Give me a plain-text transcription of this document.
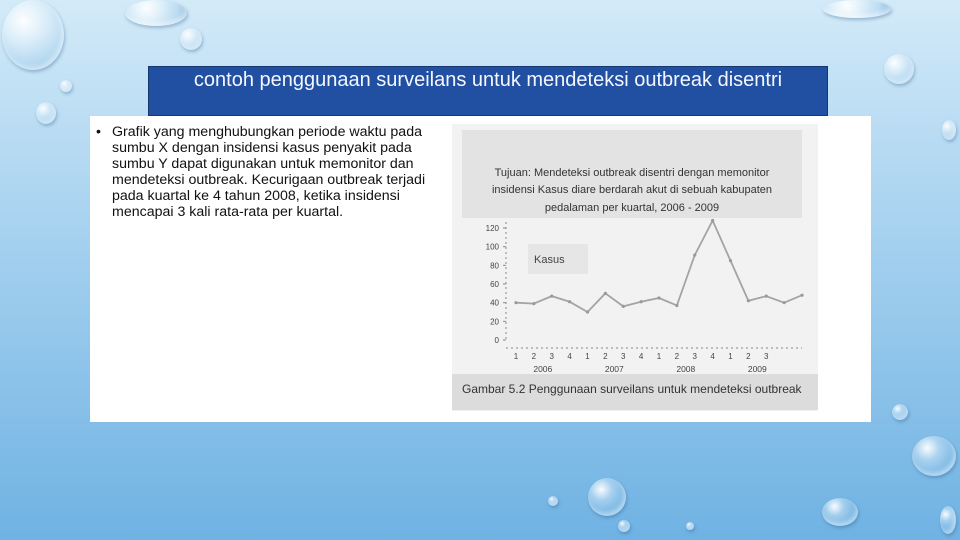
contoh penggunaan surveilans untuk mendeteksi outbreak disentri
• Grafik yang menghubungkan periode waktu pada sumbu X dengan insidensi kasus penyakit pada sumbu Y dapat digunakan untuk memonitor dan mendeteksi outbreak. Kecurigaan outbreak terjadi pada kuartal ke 4 tahun 2008, ketika insidensi mencapai 3 kali rata-rata per kuartal.
Tujuan: Mendeteksi outbreak disentri dengan memonitor
insidensi Kasus diare berdarah akut di sebuah kabupaten
pedalaman per kuartal, 2006 - 2009
Kasus
0
20
40
60
80
100
120
1 2 3 4 1 2 3 4 1 2 3 4 1 2 3
2006	2007	2008	2009
Gambar 5.2 Penggunaan surveilans untuk mendeteksi outbreak
